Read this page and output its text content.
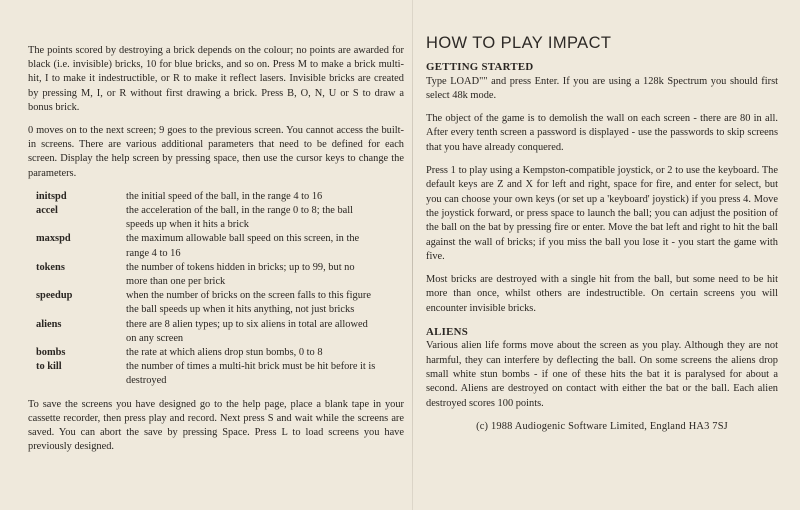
The points scored by destroying a brick depends on the colour; no points are awarded for black (i.e. invisible) bricks, 10 for blue bricks, and so on. Press M to make a brick multi-hit, I to make it indestructible, or R to make it reflect lasers. Invisible bricks are created by pressing M, I, or R without first drawing a brick. Press B, O, N, U or S to draw a bonus brick.

0 moves on to the next screen; 9 goes to the previous screen. You cannot access the built-in screens. There are various additional parameters that need to be defined for each screen. Display the help screen by pressing space, then use the cursor keys to change the parameters.

initspd	the initial speed of the ball, in the range 4 to 16
accel	the acceleration of the ball, in the range 0 to 8; the ball speeds up when it hits a brick
maxspd	the maximum allowable ball speed on this screen, in the range 4 to 16
tokens	the number of tokens hidden in bricks; up to 99, but no more than one per brick
speedup	when the number of bricks on the screen falls to this figure the ball speeds up when it hits anything, not just bricks
aliens	there are 8 alien types; up to six aliens in total are allowed on any screen
bombs	the rate at which aliens drop stun bombs, 0 to 8
to kill	the number of times a multi-hit brick must be hit before it is destroyed

To save the screens you have designed go to the help page, place a blank tape in your cassette recorder, then press play and record. Next press S and wait while the screens are saved. You can abort the save by pressing Space. Press L to load screens you have previously designed.

HOW TO PLAY IMPACT
GETTING STARTED

Type LOAD"" and press Enter. If you are using a 128k Spectrum you should first select 48k mode.

The object of the game is to demolish the wall on each screen - there are 80 in all. After every tenth screen a password is displayed - use the passwords to skip screens that you have already conquered.

Press 1 to play using a Kempston-compatible joystick, or 2 to use the keyboard. The default keys are Z and X for left and right, space for fire, and enter for select, but you can choose your own keys (or set up a 'keyboard' joystick) if you press 4. Move the joystick forward, or press space to launch the ball; you can adjust the position of the ball on the bat by pressing fire or enter. Move the bat left and right to hit the ball against the wall of bricks; if you miss the ball you lose it - you start the game with five.

Most bricks are destroyed with a single hit from the ball, but some need to be hit more than once, whilst others are indestructible. On certain screens you will encounter invisible bricks.

ALIENS

Various alien life forms move about the screen as you play. Although they are not harmful, they can interfere by deflecting the ball. On some screens the aliens drop small white stun bombs - if one of these hits the bat it is paralysed for about a second. Aliens are destroyed on contact with either the bat or the ball. Each alien destroyed scores 100 points.

(c) 1988 Audiogenic Software Limited, England HA3 7SJ
